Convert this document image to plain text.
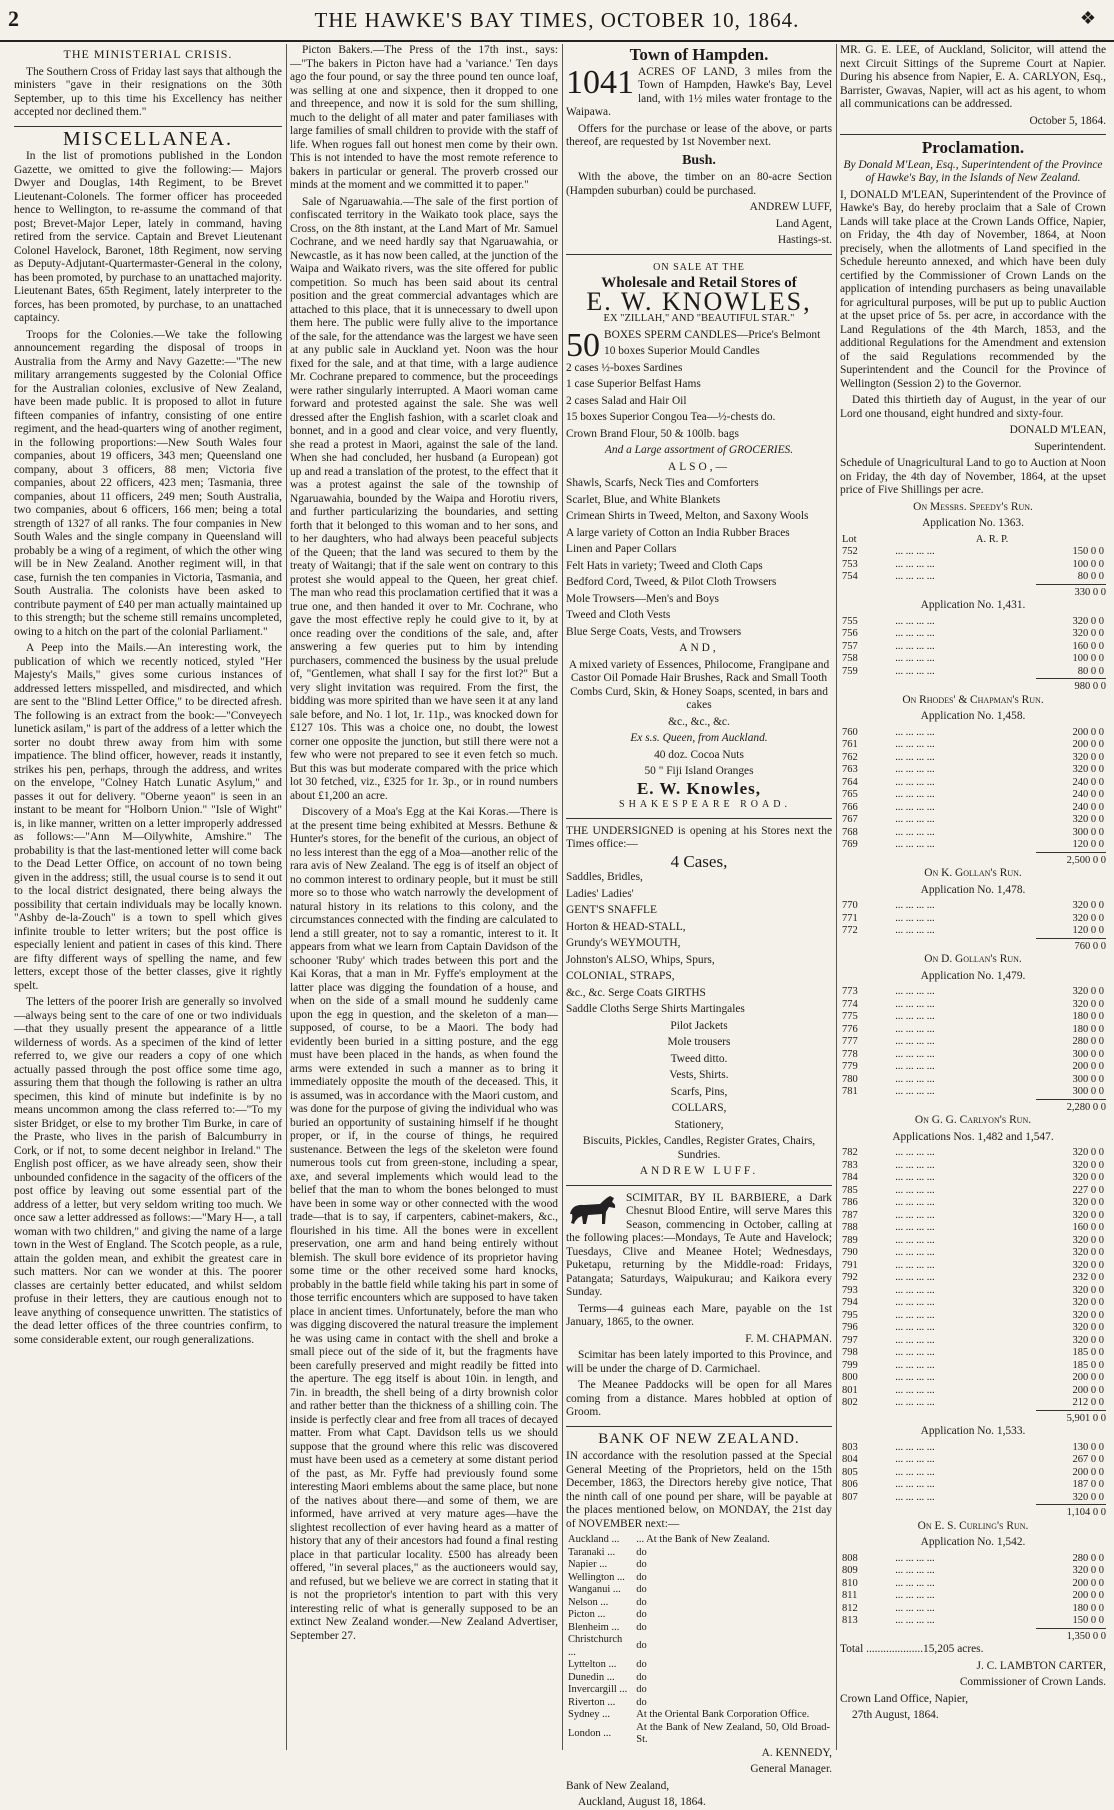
2	THE HAWKE'S BAY TIMES, OCTOBER 10, 1864.	❖
THE MINISTERIAL CRISIS.

The Southern Cross of Friday last says that although the ministers "gave in their resignations on the 30th September, up to this time his Excellency has neither accepted nor declined them."

MISCELLANEA.

In the list of promotions published in the London Gazette, we omitted to give the following:— Majors Dwyer and Douglas, 14th Regiment, to be Brevet Lieutenant-Colonels. The former officer has proceeded hence to Wellington, to re-assume the command of that post; Brevet-Major Leper, lately in command, having retired from the service. Captain and Brevet Lieutenant Colonel Havelock, Baronet, 18th Regiment, now serving as Deputy-Adjutant-Quartermaster-General in the colony, has been promoted, by purchase to an unattached majority. Lieutenant Bates, 65th Regiment, lately interpreter to the forces, has been promoted, by purchase, to an unattached captaincy.

Troops for the Colonies.—We take the following announcement regarding the disposal of troops in Australia from the Army and Navy Gazette:—"The new military arrangements suggested by the Colonial Office for the Australian colonies, exclusive of New Zealand, have been made public. It is proposed to allot in future fifteen companies of infantry, consisting of one entire regiment, and the head-quarters wing of another regiment, in the following proportions:—New South Wales four companies, about 19 officers, 343 men; Queensland one company, about 3 officers, 88 men; Victoria five companies, about 22 officers, 423 men; Tasmania, three companies, about 11 officers, 249 men; South Australia, two companies, about 6 officers, 166 men; being a total strength of 1327 of all ranks. The four companies in New South Wales and the single company in Queensland will probably be a wing of a regiment, of which the other wing will be in New Zealand. Another regiment will, in that case, furnish the ten companies in Victoria, Tasmania, and South Australia. The colonists have been asked to contribute payment of £40 per man actually maintained up to this strength; but the scheme still remains uncompleted, owing to a hitch on the part of the colonial Parliament."

A Peep into the Mails.—An interesting work, the publication of which we recently noticed, styled "Her Majesty's Mails," gives some curious instances of addressed letters misspelled, and misdirected, and which are sent to the "Blind Letter Office," to be directed afresh. The following is an extract from the book:—"Conveyech lunetick asilam," is part of the address of a letter which the sorter no doubt threw away from him with some impatience. The blind officer, however, reads it instantly, strikes his pen, perhaps, through the address, and writes on the envelope, "Colney Hatch Lunatic Asylum," and passes it out for delivery. "Oberne yeaon" is seen in an instant to be meant for "Holborn Union." "Isle of Wight" is, in like manner, written on a letter improperly addressed as follows:—"Ann M—Oilywhite, Amshire." The probability is that the last-mentioned letter will come back to the Dead Letter Office, on account of no town being given in the address; still, the usual course is to send it out to the local district designated, there being always the possibility that certain individuals may be locally known. "Ashby de-la-Zouch" is a town to spell which gives infinite trouble to letter writers; but the post office is especially lenient and patient in cases of this kind. There are fifty different ways of spelling the name, and few letters, except those of the better classes, give it rightly spelt.

The letters of the poorer Irish are generally so involved—always being sent to the care of one or two individuals—that they usually present the appearance of a little wilderness of words. As a specimen of the kind of letter referred to, we give our readers a copy of one which actually passed through the post office some time ago, assuring them that though the following is rather an ultra specimen, this kind of minute but indefinite is by no means uncommon among the class referred to:—"To my sister Bridget, or else to my brother Tim Burke, in care of the Praste, who lives in the parish of Balcumburry in Cork, or if not, to some decent neighbor in Ireland." The English post officer, as we have already seen, show their unbounded confidence in the sagacity of the officers of the post office by leaving out some essential part of the address of a letter, but very seldom writing too much. We once saw a letter addressed as follows:—"Mary H—, a tall woman with two children," and giving the name of a large town in the West of England. The Scotch people, as a rule, attain the golden mean, and exhibit the greatest care in such matters. Nor can we wonder at this. The poorer classes are certainly better educated, and whilst seldom profuse in their letters, they are cautious enough not to leave anything of consequence unwritten. The statistics of the dead letter offices of the three countries confirm, to some considerable extent, our rough generalizations.

Picton Bakers.—The Press of the 17th inst., says:—"The bakers in Picton have had a 'variance.' Ten days ago the four pound, or say the three pound ten ounce loaf, was selling at one and sixpence, then it dropped to one and threepence, and now it is sold for the sum shilling, much to the delight of all mater and pater familiases with large families of small children to provide with the staff of life. When rogues fall out honest men come by their own. This is not intended to have the most remote reference to bakers in particular or general. The proverb crossed our minds at the moment and we committed it to paper."

Sale of Ngaruawahia.—The sale of the first portion of confiscated territory in the Waikato took place, says the Cross, on the 8th instant, at the Land Mart of Mr. Samuel Cochrane, and we need hardly say that Ngaruawahia, or Newcastle, as it has now been called, at the junction of the Waipa and Waikato rivers, was the site offered for public competition. So much has been said about its central position and the great commercial advantages which are attached to this place, that it is unnecessary to dwell upon them here. The public were fully alive to the importance of the sale, for the attendance was the largest we have seen at any public sale in Auckland yet. Noon was the hour fixed for the sale, and at that time, with a large audience Mr. Cochrane prepared to commence, but the proceedings were rather singularly interrupted. A Maori woman came forward and protested against the sale. She was well dressed after the English fashion, with a scarlet cloak and bonnet, and in a good and clear voice, and very fluently, she read a protest in Maori, against the sale of the land. When she had concluded, her husband (a European) got up and read a translation of the protest, to the effect that it was a protest against the sale of the township of Ngaruawahia, bounded by the Waipa and Horotiu rivers, and further particularizing the boundaries, and setting forth that it belonged to this woman and to her sons, and to her daughters, who had always been peaceful subjects of the Queen; that the land was secured to them by the treaty of Waitangi; that if the sale went on contrary to this protest she would appeal to the Queen, her great chief. The man who read this proclamation certified that it was a true one, and then handed it over to Mr. Cochrane, who gave the most effective reply he could give to it, by at once reading over the conditions of the sale, and, after answering a few queries put to him by intending purchasers, commenced the business by the usual prelude of, "Gentlemen, what shall I say for the first lot?" But a very slight invitation was required. From the first, the bidding was more spirited than we have seen it at any land sale before, and No. 1 lot, 1r. 11p., was knocked down for £127 10s. This was a choice one, no doubt, the lowest corner one opposite the junction, but still there were not a few who were not prepared to see it even fetch so much. But this was but moderate compared with the price which lot 30 fetched, viz., £325 for 1r. 3p., or in round numbers about £1,200 an acre.

Discovery of a Moa's Egg at the Kai Koras.—There is at the present time being exhibited at Messrs. Bethune & Hunter's stores, for the benefit of the curious, an object of no less interest than the egg of a Moa—another relic of the rara avis of New Zealand. The egg is of itself an object of no common interest to ordinary people, but it must be still more so to those who watch narrowly the development of natural history in its relations to this colony, and the circumstances connected with the finding are calculated to lend a still greater, not to say a romantic, interest to it. It appears from what we learn from Captain Davidson of the schooner 'Ruby' which trades between this port and the Kai Koras, that a man in Mr. Fyffe's employment at the latter place was digging the foundation of a house, and when on the side of a small mound he suddenly came upon the egg in question, and the skeleton of a man—supposed, of course, to be a Maori. The body had evidently been buried in a sitting posture, and the egg must have been placed in the hands, as when found the arms were extended in such a manner as to bring it immediately opposite the mouth of the deceased. This, it is assumed, was in accordance with the Maori custom, and was done for the purpose of giving the individual who was buried an opportunity of sustaining himself if he thought proper, or if, in the course of things, he required sustenance. Between the legs of the skeleton were found numerous tools cut from green-stone, including a spear, axe, and several implements which would lead to the belief that the man to whom the bones belonged to must have been in some way or other connected with the wood trade—that is to say, if carpenters, cabinet-makers, &c., flourished in his time. All the bones were in excellent preservation, one arm and hand being entirely without blemish. The skull bore evidence of its proprietor having some time or the other received some hard knocks, probably in the battle field while taking his part in some of those terrific encounters which are supposed to have taken place in ancient times. Unfortunately, before the man who was digging discovered the natural treasure the implement he was using came in contact with the shell and broke a small piece out of the side of it, but the fragments have been carefully preserved and might readily be fitted into the aperture. The egg itself is about 10in. in length, and 7in. in breadth, the shell being of a dirty brownish color and rather better than the thickness of a shilling coin. The inside is perfectly clear and free from all traces of decayed matter. From what Capt. Davidson tells us we should suppose that the ground where this relic was discovered must have been used as a cemetery at some distant period of the past, as Mr. Fyffe had previously found some interesting Maori emblems about the same place, but none of the natives about there—and some of them, we are informed, have arrived at very mature ages—have the slightest recollection of ever having heard as a matter of history that any of their ancestors had found a final resting place in that particular locality. £500 has already been offered, "in several places," as the auctioneers would say, and refused, but we believe we are correct in stating that it is not the proprietor's intention to part with this very interesting relic of what is generally supposed to be an extinct New Zealand wonder.—New Zealand Advertiser, September 27.

Town of Hampden.

1041 ACRES OF LAND, 3 miles from the Town of Hampden, Hawke's Bay, Level land, with 1½ miles water frontage to the Waipawa.

Offers for the purchase or lease of the above, or parts thereof, are requested by 1st November next.

Bush.

With the above, the timber on an 80-acre Section (Hampden suburban) could be purchased.

ANDREW LUFF,

Land Agent,

Hastings-st.

ON SALE AT THE

Wholesale and Retail Stores of

E. W. KNOWLES,

EX "ZILLAH," AND "BEAUTIFUL STAR."

50 BOXES SPERM CANDLES—Price's Belmont

10 boxes Superior Mould Candles

2 cases ½-boxes Sardines

1 case Superior Belfast Hams

2 cases Salad and Hair Oil

15 boxes Superior Congou Tea—½-chests do.

Crown Brand Flour, 50 & 100lb. bags

And a Large assortment of GROCERIES.

ALSO,—

Shawls, Scarfs, Neck Ties and Comforters

Scarlet, Blue, and White Blankets

Crimean Shirts in Tweed, Melton, and Saxony Wools

A large variety of Cotton an India Rubber Braces

Linen and Paper Collars

Felt Hats in variety; Tweed and Cloth Caps

Bedford Cord, Tweed, & Pilot Cloth Trowsers

Mole Trowsers—Men's and Boys

Tweed and Cloth Vests

Blue Serge Coats, Vests, and Trowsers

AND,

A mixed variety of Essences, Philocome, Frangipane and Castor Oil Pomade Hair Brushes, Rack and Small Tooth Combs Curd, Skin, & Honey Soaps, scented, in bars and cakes

&c., &c., &c.

Ex s.s. Queen, from Auckland.

40 doz. Cocoa Nuts

50 " Fiji Island Oranges

E. W. Knowles,

SHAKESPEARE ROAD.

THE UNDERSIGNED is opening at his Stores next the Times office:—

4 Cases,

Saddles, Bridles,

Ladies' Ladies'

GENT'S SNAFFLE

Horton & HEAD-STALL,

Grundy's WEYMOUTH,

Johnston's ALSO, Whips, Spurs,

COLONIAL, STRAPS,

&c., &c. Serge Coats GIRTHS

Saddle Cloths Serge Shirts Martingales

Pilot Jackets

Mole trousers

Tweed ditto.

Vests, Shirts.

Scarfs, Pins,

COLLARS,

Stationery,

Biscuits, Pickles, Candles, Register Grates, Chairs, Sundries.

ANDREW LUFF.

SCIMITAR, BY IL BARBIERE, a Dark Chesnut Blood Entire, will serve Mares this Season, commencing in October, calling at the following places:—Mondays, Te Aute and Havelock; Tuesdays, Clive and Meanee Hotel; Wednesdays, Puketapu, returning by the Middle-road: Fridays, Patangata; Saturdays, Waipukurau; and Kaikora every Sunday.

Terms—4 guineas each Mare, payable on the 1st January, 1865, to the owner.

F. M. CHAPMAN.

Scimitar has been lately imported to this Province, and will be under the charge of D. Carmichael.

The Meanee Paddocks will be open for all Mares coming from a distance. Mares hobbled at option of Groom.

BANK OF NEW ZEALAND.

IN accordance with the resolution passed at the Special General Meeting of the Proprietors, held on the 15th December, 1863, the Directors hereby give notice, That the ninth call of one pound per share, will be payable at the places mentioned below, on MONDAY, the 21st day of NOVEMBER next:—

Auckland ...	... At the Bank of New Zealand.
Taranaki ...	do
Napier ...	do
Wellington ...	do
Wanganui ...	do
Nelson ...	do
Picton ...	do
Blenheim ...	do
Christchurch ...	do
Lyttelton ...	do
Dunedin ...	do
Invercargill ...	do
Riverton ...	do
Sydney ...	At the Oriental Bank Corporation Office.
London ...	At the Bank of New Zealand, 50, Old Broad-St.

A. KENNEDY,

General Manager.

Bank of New Zealand,

Auckland, August 18, 1864.

MR. G. E. LEE, of Auckland, Solicitor, will attend the next Circuit Sittings of the Supreme Court at Napier. During his absence from Napier, E. A. CARLYON, Esq., Barrister, Gwavas, Napier, will act as his agent, to whom all communications can be addressed.

October 5, 1864.

Proclamation.

By Donald M'Lean, Esq., Superintendent of the Province of Hawke's Bay, in the Islands of New Zealand.

I, DONALD M'LEAN, Superintendent of the Province of Hawke's Bay, do hereby proclaim that a Sale of Crown Lands will take place at the Crown Lands Office, Napier, on Friday, the 4th day of November, 1864, at Noon precisely, when the allotments of Land specified in the Schedule hereunto annexed, and which have been duly certified by the Commissioner of Crown Lands on the application of intending purchasers as being unavailable for agricultural purposes, will be put up to public Auction at the upset price of 5s. per acre, in accordance with the Land Regulations of the 4th March, 1853, and the additional Regulations for the Amendment and extension of the said Regulations recommended by the Superintendent and the Council for the Province of Wellington (Session 2) to the Governor.

Dated this thirtieth day of August, in the year of our Lord one thousand, eight hundred and sixty-four.

DONALD M'LEAN,

Superintendent.

Schedule of Unagricultural Land to go to Auction at Noon on Friday, the 4th day of November, 1864, at the upset price of Five Shillings per acre.

On Messrs. Speedy's Run.

Application No. 1363.

Lot	A. R. P.	
752	... ... ... ...	150 0 0
753	... ... ... ...	100 0 0
754	... ... ... ...	80 0 0
330 0 0

Application No. 1,431.

755	... ... ... ...	320 0 0
756	... ... ... ...	320 0 0
757	... ... ... ...	160 0 0
758	... ... ... ...	100 0 0
759	... ... ... ...	80 0 0
980 0 0

On Rhodes' & Chapman's Run.

Application No. 1,458.

760	... ... ... ...	200 0 0
761	... ... ... ...	200 0 0
762	... ... ... ...	320 0 0
763	... ... ... ...	320 0 0
764	... ... ... ...	240 0 0
765	... ... ... ...	240 0 0
766	... ... ... ...	240 0 0
767	... ... ... ...	320 0 0
768	... ... ... ...	300 0 0
769	... ... ... ...	120 0 0
2,500 0 0

On K. Gollan's Run.

Application No. 1,478.

770	... ... ... ...	320 0 0
771	... ... ... ...	320 0 0
772	... ... ... ...	120 0 0
760 0 0

On D. Gollan's Run.

Application No. 1,479.

773	... ... ... ...	320 0 0
774	... ... ... ...	320 0 0
775	... ... ... ...	180 0 0
776	... ... ... ...	180 0 0
777	... ... ... ...	280 0 0
778	... ... ... ...	300 0 0
779	... ... ... ...	200 0 0
780	... ... ... ...	300 0 0
781	... ... ... ...	300 0 0
2,280 0 0

On G. G. Carlyon's Run.

Applications Nos. 1,482 and 1,547.

782	... ... ... ...	320 0 0
783	... ... ... ...	320 0 0
784	... ... ... ...	320 0 0
785	... ... ... ...	227 0 0
786	... ... ... ...	320 0 0
787	... ... ... ...	320 0 0
788	... ... ... ...	160 0 0
789	... ... ... ...	320 0 0
790	... ... ... ...	320 0 0
791	... ... ... ...	320 0 0
792	... ... ... ...	232 0 0
793	... ... ... ...	320 0 0
794	... ... ... ...	320 0 0
795	... ... ... ...	320 0 0
796	... ... ... ...	320 0 0
797	... ... ... ...	320 0 0
798	... ... ... ...	185 0 0
799	... ... ... ...	185 0 0
800	... ... ... ...	200 0 0
801	... ... ... ...	200 0 0
802	... ... ... ...	212 0 0
5,901 0 0

Application No. 1,533.

803	... ... ... ...	130 0 0
804	... ... ... ...	267 0 0
805	... ... ... ...	200 0 0
806	... ... ... ...	187 0 0
807	... ... ... ...	320 0 0
1,104 0 0

On E. S. Curling's Run.

Application No. 1,542.

808	... ... ... ...	280 0 0
809	... ... ... ...	320 0 0
810	... ... ... ...	200 0 0
811	... ... ... ...	200 0 0
812	... ... ... ...	180 0 0
813	... ... ... ...	150 0 0
1,350 0 0

Total ....................15,205 acres.

J. C. LAMBTON CARTER,

Commissioner of Crown Lands.

Crown Land Office, Napier,

27th August, 1864.
